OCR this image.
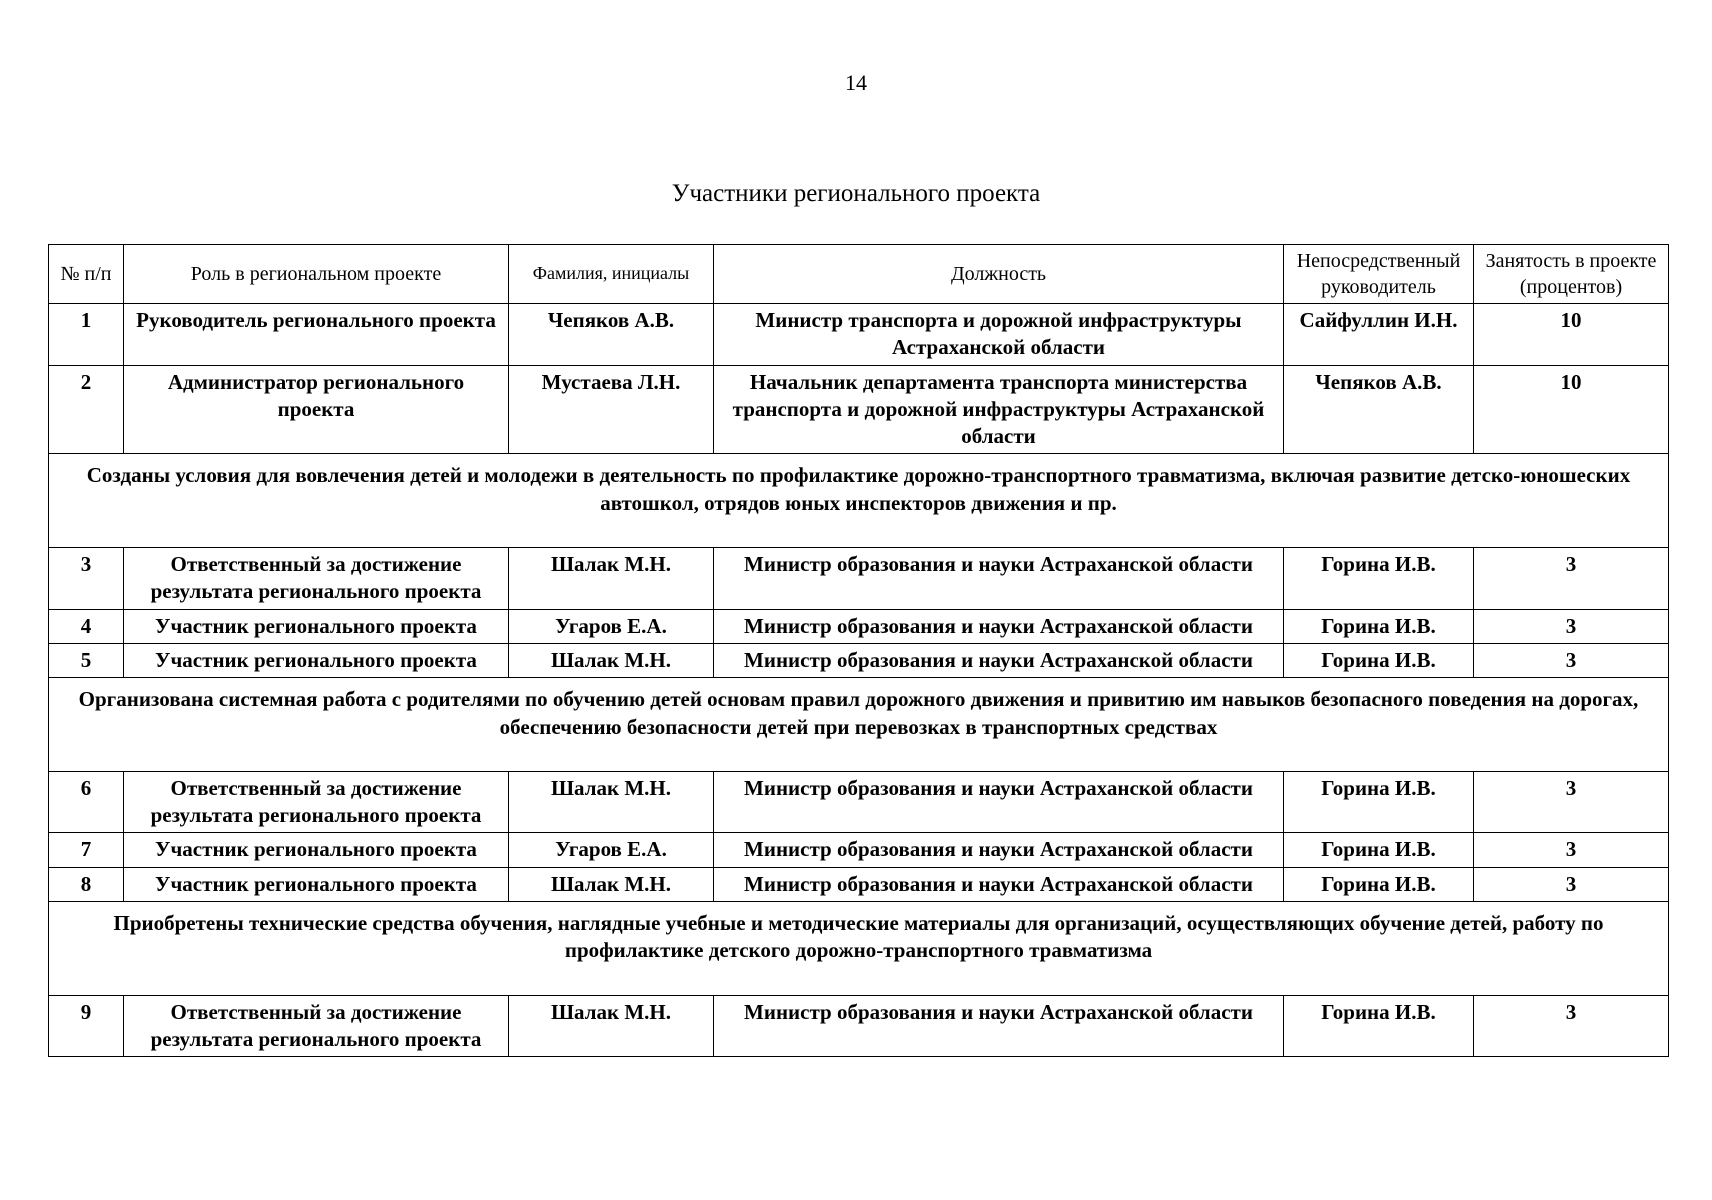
14
Участники регионального проекта
№ п/п	Роль в региональном проекте	Фамилия, инициалы	Должность	Непосредственный руководитель	Занятость в проекте (процентов)
1	Руководитель регионального проекта	Чепяков А.В.	Министр транспорта и дорожной инфраструктуры Астраханской области	Сайфуллин И.Н.	10
2	Администратор регионального проекта	Мустаева Л.Н.	Начальник департамента транспорта министерства транспорта и дорожной инфраструктуры Астраханской области	Чепяков А.В.	10
Созданы условия для вовлечения детей и молодежи в деятельность по профилактике дорожно-транспортного травматизма, включая развитие детско-юношеских автошкол, отрядов юных инспекторов движения и пр.					
3	Ответственный за достижение результата регионального проекта	Шалак М.Н.	Министр образования и науки Астраханской области	Горина И.В.	3
4	Участник регионального проекта	Угаров Е.А.	Министр образования и науки Астраханской области	Горина И.В.	3
5	Участник регионального проекта	Шалак М.Н.	Министр образования и науки Астраханской области	Горина И.В.	3
Организована системная работа с родителями по обучению детей основам правил дорожного движения и привитию им навыков безопасного поведения на дорогах, обеспечению безопасности детей при перевозках в транспортных средствах					
6	Ответственный за достижение результата регионального проекта	Шалак М.Н.	Министр образования и науки Астраханской области	Горина И.В.	3
7	Участник регионального проекта	Угаров Е.А.	Министр образования и науки Астраханской области	Горина И.В.	3
8	Участник регионального проекта	Шалак М.Н.	Министр образования и науки Астраханской области	Горина И.В.	3
Приобретены технические средства обучения, наглядные учебные и методические материалы для организаций, осуществляющих обучение детей, работу по профилактике детского дорожно-транспортного травматизма					
9	Ответственный за достижение результата регионального проекта	Шалак М.Н.	Министр образования и науки Астраханской области	Горина И.В.	3
